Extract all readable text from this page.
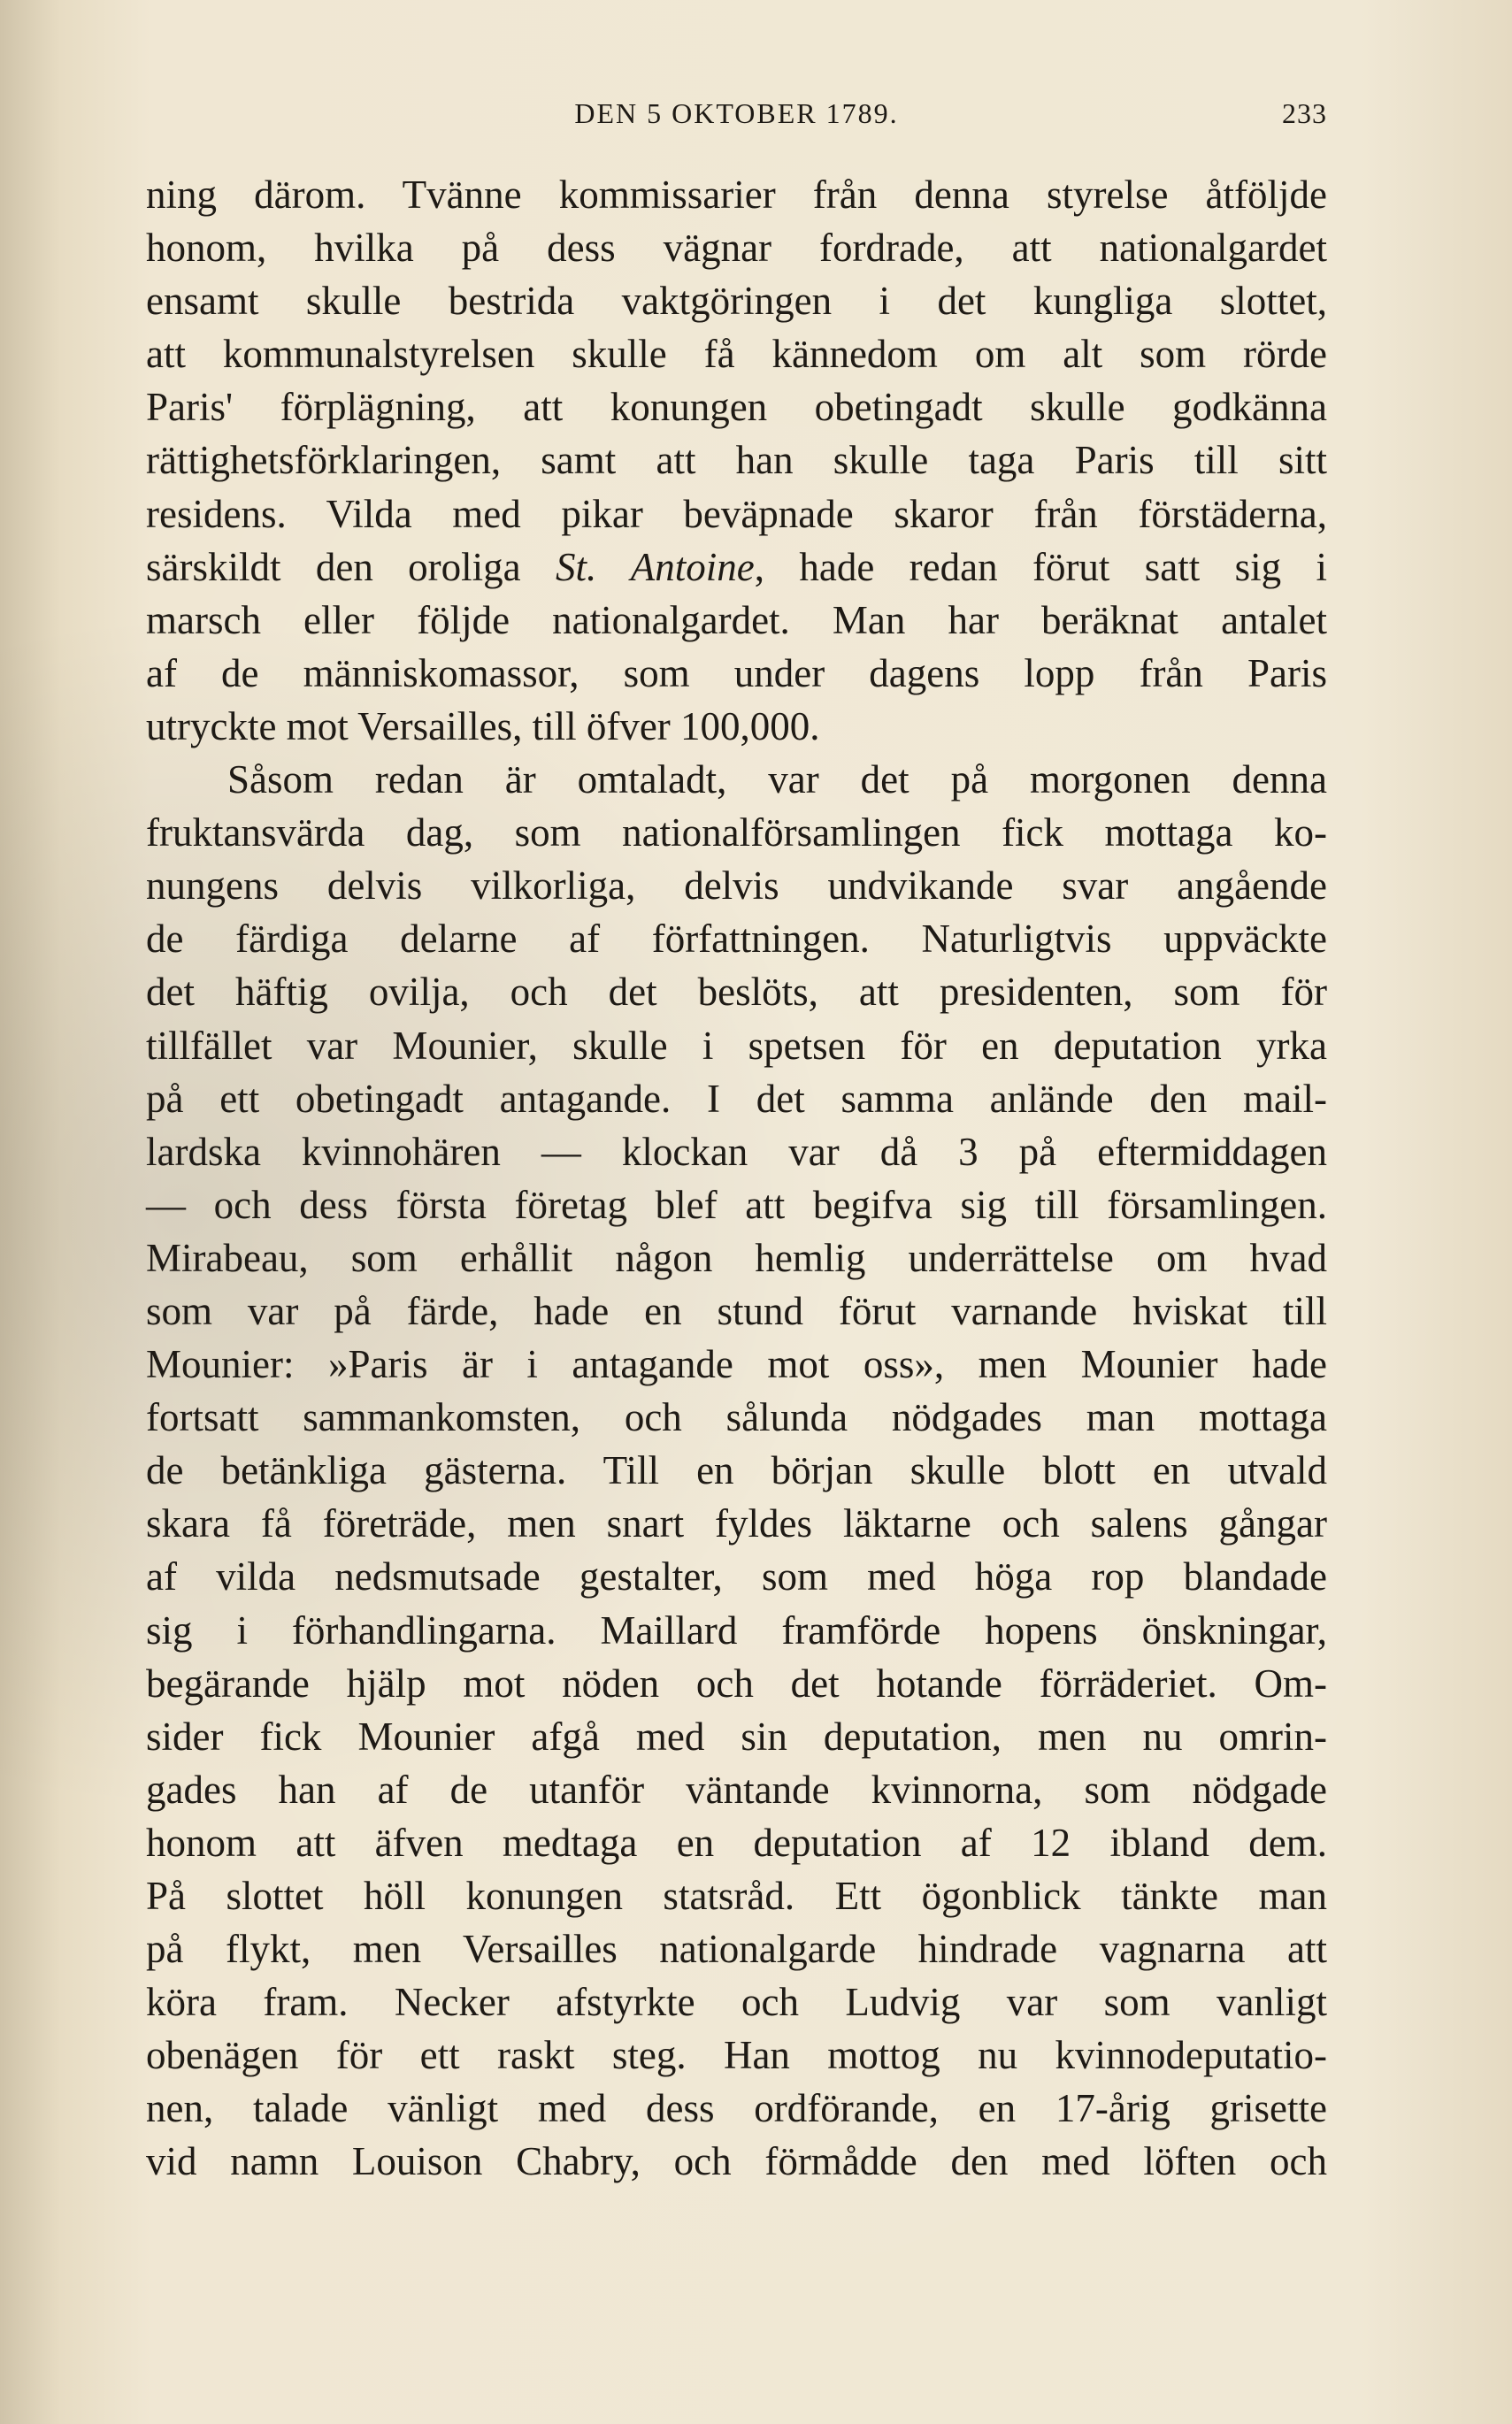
DEN 5 OKTOBER 1789.	233
ning därom. Tvänne kommissarier från denna styrelse åtföljde
honom, hvilka på dess vägnar fordrade, att nationalgardet
ensamt skulle bestrida vaktgöringen i det kungliga slottet,
att kommunalstyrelsen skulle få kännedom om alt som rörde
Paris' förplägning, att konungen obetingadt skulle godkänna
rättighetsförklaringen, samt att han skulle taga Paris till sitt
residens. Vilda med pikar beväpnade skaror från förstäderna,
särskildt den oroliga St. Antoine, hade redan förut satt sig i
marsch eller följde nationalgardet. Man har beräknat antalet
af de människomassor, som under dagens lopp från Paris
utryckte mot Versailles, till öfver 100,000.
Såsom redan är omtaladt, var det på morgonen denna
fruktansvärda dag, som nationalförsamlingen fick mottaga ko-
nungens delvis vilkorliga, delvis undvikande svar angående
de färdiga delarne af författningen. Naturligtvis uppväckte
det häftig ovilja, och det beslöts, att presidenten, som för
tillfället var Mounier, skulle i spetsen för en deputation yrka
på ett obetingadt antagande. I det samma anlände den mail-
lardska kvinnohären — klockan var då 3 på eftermiddagen
— och dess första företag blef att begifva sig till församlingen.
Mirabeau, som erhållit någon hemlig underrättelse om hvad
som var på färde, hade en stund förut varnande hviskat till
Mounier: »Paris är i antagande mot oss», men Mounier hade
fortsatt sammankomsten, och sålunda nödgades man mottaga
de betänkliga gästerna. Till en början skulle blott en utvald
skara få företräde, men snart fyldes läktarne och salens gångar
af vilda nedsmutsade gestalter, som med höga rop blandade
sig i förhandlingarna. Maillard framförde hopens önskningar,
begärande hjälp mot nöden och det hotande förräderiet. Om-
sider fick Mounier afgå med sin deputation, men nu omrin-
gades han af de utanför väntande kvinnorna, som nödgade
honom att äfven medtaga en deputation af 12 ibland dem.
På slottet höll konungen statsråd. Ett ögonblick tänkte man
på flykt, men Versailles nationalgarde hindrade vagnarna att
köra fram. Necker afstyrkte och Ludvig var som vanligt
obenägen för ett raskt steg. Han mottog nu kvinnodeputatio-
nen, talade vänligt med dess ordförande, en 17-årig grisette
vid namn Louison Chabry, och förmådde den med löften och
